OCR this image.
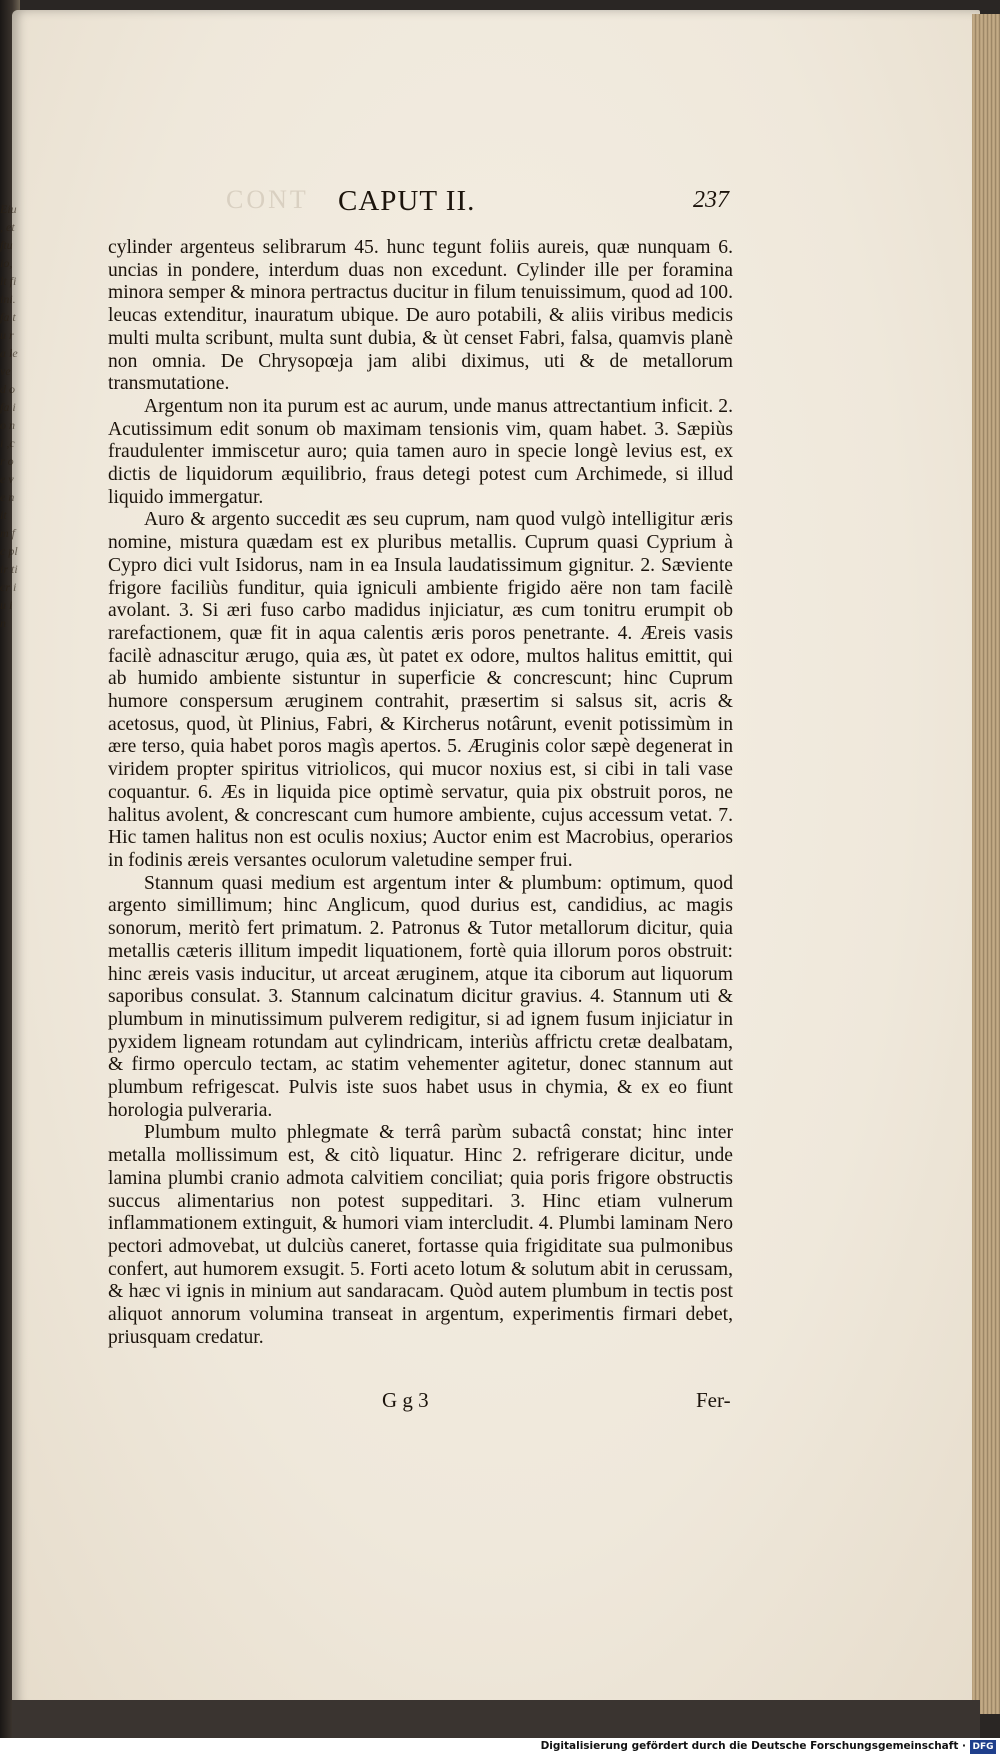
Eiu , et ftu io, lt fi ini. fa tu ra le ve d o fa io ni ,c r o e ve n it m fc pl ir ti cr iu in
CONT CAPUT II.	237

cylinder argenteus selibrarum 45. hunc tegunt foliis aureis, quæ nunquam 6. uncias in pondere, interdum duas non excedunt. Cylinder ille per foramina minora semper & minora pertractus ducitur in filum tenuissimum, quod ad 100. leucas extenditur, inauratum ubique. De auro potabili, & aliis viribus medicis multi multa scribunt, multa sunt dubia, & ùt censet Fabri, falsa, quamvis planè non omnia. De Chrysopœja jam alibi diximus, uti & de metallorum transmutatione.

Argentum non ita purum est ac aurum, unde manus attrectantium inficit. 2. Acutissimum edit sonum ob maximam tensionis vim, quam habet. 3. Sæpiùs fraudulenter immiscetur auro; quia tamen auro in specie longè levius est, ex dictis de liquidorum æquilibrio, fraus detegi potest cum Archimede, si illud liquido immergatur.

Auro & argento succedit æs seu cuprum, nam quod vulgò intelligitur æris nomine, mistura quædam est ex pluribus metallis. Cuprum quasi Cyprium à Cypro dici vult Isidorus, nam in ea Insula laudatissimum gignitur. 2. Sæviente frigore faciliùs funditur, quia igniculi ambiente frigido aëre non tam facilè avolant. 3. Si æri fuso carbo madidus injiciatur, æs cum tonitru erumpit ob rarefactionem, quæ fit in aqua calentis æris poros penetrante. 4. Æreis vasis facilè adnascitur ærugo, quia æs, ùt patet ex odore, multos halitus emittit, qui ab humido ambiente sistuntur in superficie & concrescunt; hinc Cuprum humore conspersum æruginem contrahit, præsertim si salsus sit, acris & acetosus, quod, ùt Plinius, Fabri, & Kircherus notârunt, evenit potissimùm in ære terso, quia habet poros magìs apertos. 5. Æruginis color sæpè degenerat in viridem propter spiritus vitriolicos, qui mucor noxius est, si cibi in tali vase coquantur. 6. Æs in liquida pice optimè servatur, quia pix obstruit poros, ne halitus avolent, & concrescant cum humore ambiente, cujus accessum vetat. 7. Hic tamen halitus non est oculis noxius; Auctor enim est Macrobius, operarios in fodinis æreis versantes oculorum valetudine semper frui.

Stannum quasi medium est argentum inter & plumbum: optimum, quod argento simillimum; hinc Anglicum, quod durius est, candidius, ac magis sonorum, meritò fert primatum. 2. Patronus & Tutor metallorum dicitur, quia metallis cæteris illitum impedit liquationem, fortè quia illorum poros obstruit: hinc æreis vasis inducitur, ut arceat æruginem, atque ita ciborum aut liquorum saporibus consulat. 3. Stannum calcinatum dicitur gravius. 4. Stannum uti & plumbum in minutissimum pulverem redigitur, si ad ignem fusum injiciatur in pyxidem ligneam rotundam aut cylindricam, interiùs affrictu cretæ dealbatam, & firmo operculo tectam, ac statim vehementer agitetur, donec stannum aut plumbum refrigescat. Pulvis iste suos habet usus in chymia, & ex eo fiunt horologia pulveraria.

Plumbum multo phlegmate & terrâ parùm subactâ constat; hinc inter metalla mollissimum est, & citò liquatur. Hinc 2. refrigerare dicitur, unde lamina plumbi cranio admota calvitiem conciliat; quia poris frigore obstructis succus alimentarius non potest suppeditari. 3. Hinc etiam vulnerum inflammationem extinguit, & humori viam intercludit. 4. Plumbi laminam Nero pectori admovebat, ut dulciùs caneret, fortasse quia frigiditate sua pulmonibus confert, aut humorem exsugit. 5. Forti aceto lotum & solutum abit in cerussam, & hæc vi ignis in minium aut sandaracam. Quòd autem plumbum in tectis post aliquot annorum volumina transeat in argentum, experimentis firmari debet, priusquam credatur.

G g 3	Fer-
Digitalisierung gefördert durch die Deutsche Forschungsgemeinschaft · DFG
